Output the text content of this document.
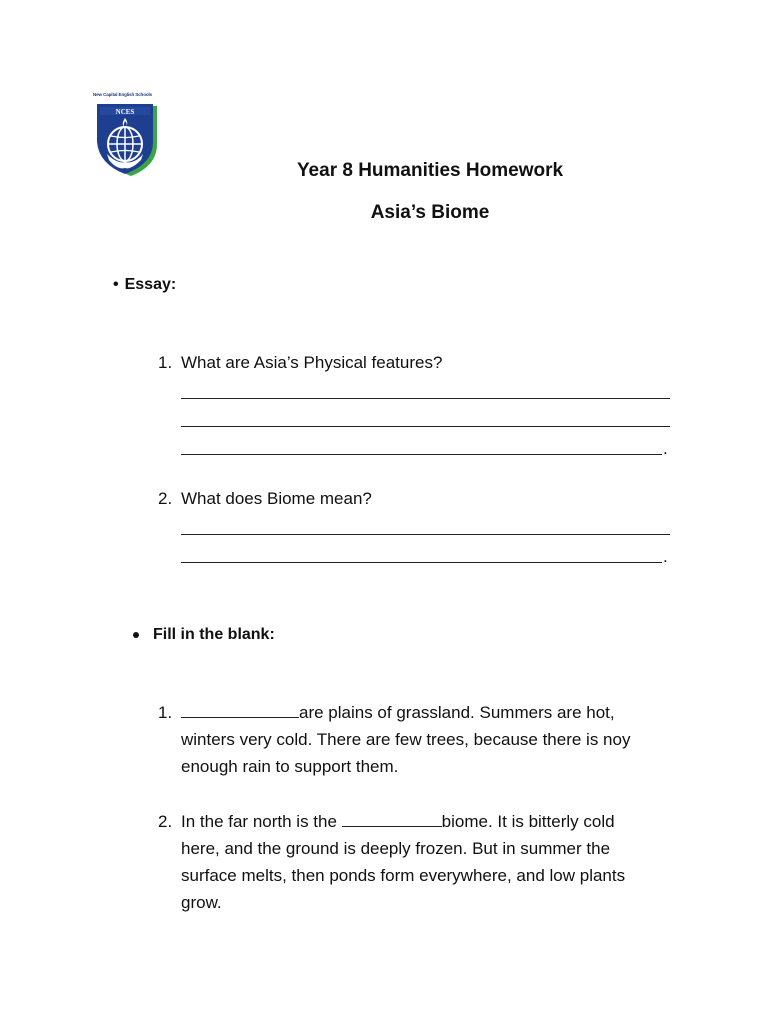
New Capital English Schools
NCES
Year 8 Humanities Homework
Asia’s Biome
• Essay:
1. What are Asia’s Physical features?
.
2. What does Biome mean?
.
Fill in the blank:
1.	are plains of grassland. Summers are hot,
winters very cold. There are few trees, because there is noy
enough rain to support them.
2. In the far north is the	biome. It is bitterly cold
here, and the ground is deeply frozen. But in summer the
surface melts, then ponds form everywhere, and low plants
grow.
